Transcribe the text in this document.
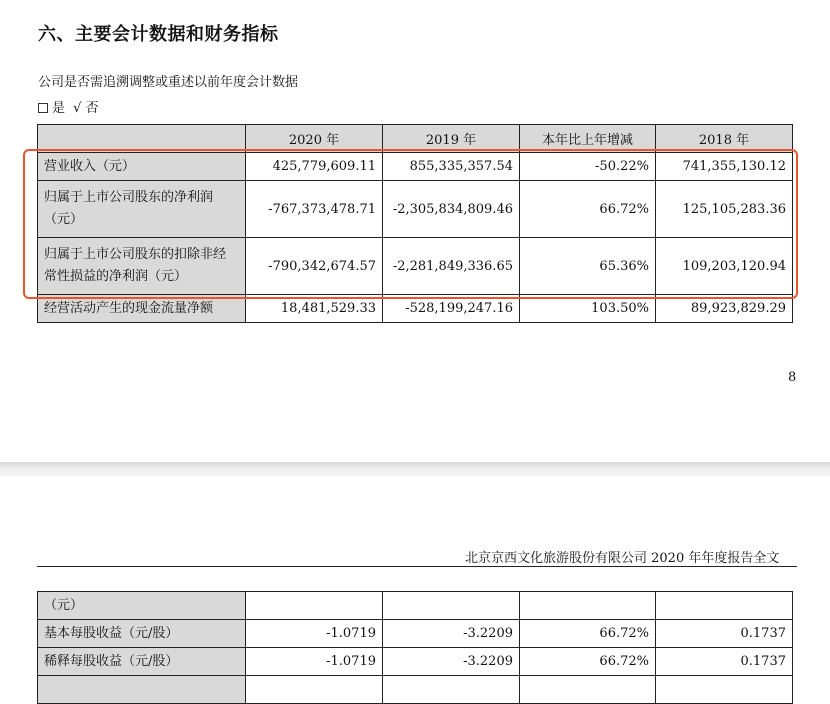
六、主要会计数据和财务指标
公司是否需追溯调整或重述以前年度会计数据
是 √ 否
	2020 年	2019 年	本年比上年增减	2018 年
营业收入（元）	425,779,609.11	855,335,357.54	-50.22%	741,355,130.12
归属于上市公司股东的净利润
（元）	-767,373,478.71	-2,305,834,809.46	66.72%	125,105,283.36
归属于上市公司股东的扣除非经
常性损益的净利润（元）	-790,342,674.57	-2,281,849,336.65	65.36%	109,203,120.94
经营活动产生的现金流量净额	18,481,529.33	-528,199,247.16	103.50%	89,923,829.29
8
北京京西文化旅游股份有限公司 2020 年年度报告全文
（元）				
基本每股收益（元/股）	-1.0719	-3.2209	66.72%	0.1737
稀释每股收益（元/股）	-1.0719	-3.2209	66.72%	0.1737
